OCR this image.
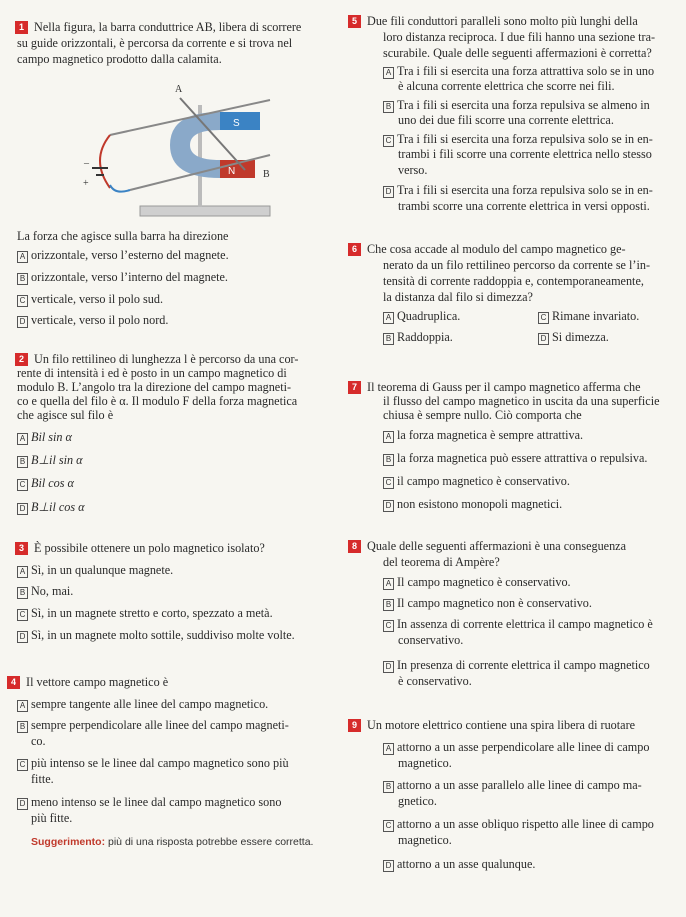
1 Nella figura, la barra conduttrice AB, libera di scorrere
su guide orizzontali, è percorsa da corrente e si trova nel
campo magnetico prodotto dalla calamita.
S
N
A
B
–
+
La forza che agisce sulla barra ha direzione
A orizzontale, verso l’esterno del magnete.
B orizzontale, verso l’interno del magnete.
C verticale, verso il polo sud.
D verticale, verso il polo nord.
2 Un filo rettilineo di lunghezza l è percorso da una cor-
rente di intensità i ed è posto in un campo magnetico di
modulo B. L’angolo tra la direzione del campo magneti-
co e quella del filo è α. Il modulo F della forza magnetica
che agisce sul filo è
A Bil sin α
B B⊥il sin α
C Bil cos α
D B⊥il cos α
3 È possibile ottenere un polo magnetico isolato?
A Sì, in un qualunque magnete.
B No, mai.
C Sì, in un magnete stretto e corto, spezzato a metà.
D Sì, in un magnete molto sottile, suddiviso molte volte.
4 Il vettore campo magnetico è
A sempre tangente alle linee del campo magnetico.
B sempre perpendicolare alle linee del campo magneti-
co.
C più intenso se le linee dal campo magnetico sono più
fitte.
D meno intenso se le linee dal campo magnetico sono
più fitte.
Suggerimento: più di una risposta potrebbe essere corretta.
5 Due fili conduttori paralleli sono molto più lunghi della
loro distanza reciproca. I due fili hanno una sezione tra-
scurabile. Quale delle seguenti affermazioni è corretta?
A Tra i fili si esercita una forza attrattiva solo se in uno
è alcuna corrente elettrica che scorre nei fili.
B Tra i fili si esercita una forza repulsiva se almeno in
uno dei due fili scorre una corrente elettrica.
C Tra i fili si esercita una forza repulsiva solo se in en-
trambi i fili scorre una corrente elettrica nello stesso
verso.
D Tra i fili si esercita una forza repulsiva solo se in en-
trambi scorre una corrente elettrica in versi opposti.
6 Che cosa accade al modulo del campo magnetico ge-
nerato da un filo rettilineo percorso da corrente se l’in-
tensità di corrente raddoppia e, contemporaneamente,
la distanza dal filo si dimezza?
A Quadruplica.	C Rimane invariato.
B Raddoppia.	D Si dimezza.
7 Il teorema di Gauss per il campo magnetico afferma che
il flusso del campo magnetico in uscita da una superficie
chiusa è sempre nullo. Ciò comporta che
A la forza magnetica è sempre attrattiva.
B la forza magnetica può essere attrattiva o repulsiva.
C il campo magnetico è conservativo.
D non esistono monopoli magnetici.
8 Quale delle seguenti affermazioni è una conseguenza
del teorema di Ampère?
A Il campo magnetico è conservativo.
B Il campo magnetico non è conservativo.
C In assenza di corrente elettrica il campo magnetico è
conservativo.
D In presenza di corrente elettrica il campo magnetico
è conservativo.
9 Un motore elettrico contiene una spira libera di ruotare
A attorno a un asse perpendicolare alle linee di campo
magnetico.
B attorno a un asse parallelo alle linee di campo ma-
gnetico.
C attorno a un asse obliquo rispetto alle linee di campo
magnetico.
D attorno a un asse qualunque.
